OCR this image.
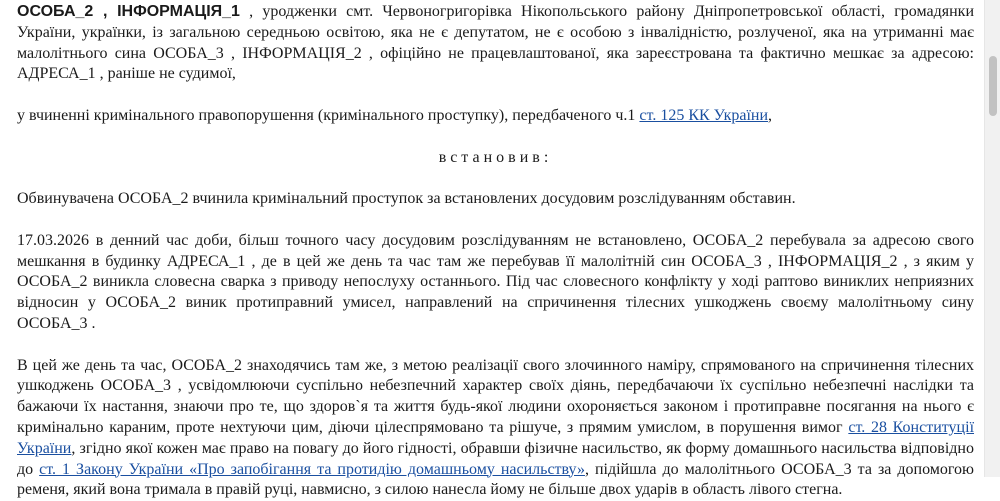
ОСОБА_2 , ІНФОРМАЦІЯ_1 , уродженки смт. Червоногригорівка Нікопольського району Дніпропетровської області, громадянки України, українки, із загальною середньою освітою, яка не є депутатом, не є особою з інвалідністю, розлученої, яка на утриманні має малолітнього сина ОСОБА_3 , ІНФОРМАЦІЯ_2 , офіційно не працевлаштованої, яка зареєстрована та фактично мешкає за адресою: АДРЕСА_1 , раніше не судимої,

у вчиненні кримінального правопорушення (кримінального проступку), передбаченого ч.1 ст. 125 КК України,

встановив:

Обвинувачена ОСОБА_2 вчинила кримінальний проступок за встановлених досудовим розслідуванням обставин.

17.03.2026 в денний час доби, більш точного часу досудовим розслідуванням не встановлено, ОСОБА_2 перебувала за адресою свого мешкання в будинку АДРЕСА_1 , де в цей же день та час там же перебував її малолітній син ОСОБА_3 , ІНФОРМАЦІЯ_2 , з яким у ОСОБА_2 виникла словесна сварка з приводу непослуху останнього. Під час словесного конфлікту у ході раптово виниклих неприязних відносин у ОСОБА_2 виник протиправний умисел, направлений на спричинення тілесних ушкоджень своєму малолітньому сину ОСОБА_3 .

В цей же день та час, ОСОБА_2 знаходячись там же, з метою реалізації свого злочинного наміру, спрямованого на спричинення тілесних ушкоджень ОСОБА_3 , усвідомлюючи суспільно небезпечний характер своїх діянь, передбачаючи їх суспільно небезпечні наслідки та бажаючи їх настання, знаючи про те, що здоров`я та життя будь-якої людини охороняється законом і протиправне посягання на нього є кримінально караним, проте нехтуючи цим, діючи цілеспрямовано та рішуче, з прямим умислом, в порушення вимог ст. 28 Конституції України, згідно якої кожен має право на повагу до його гідності, обравши фізичне насильство, як форму домашнього насильства відповідно до ст. 1 Закону України «Про запобігання та протидію домашньому насильству», підійшла до малолітнього ОСОБА_3 та за допомогою ременя, який вона тримала в правій руці, навмисно, з силою нанесла йому не більше двох ударів в область лівого стегна.
